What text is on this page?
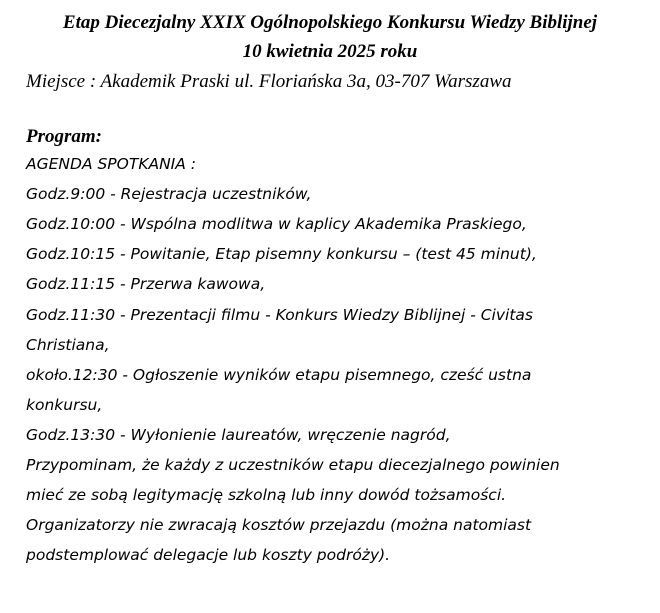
Etap Diecezjalny XXIX Ogólnopolskiego Konkursu Wiedzy Biblijnej
10 kwietnia 2025 roku
Miejsce : Akademik Praski ul. Floriańska 3a, 03-707 Warszawa
Program:
AGENDA SPOTKANIA :
Godz.9:00 - Rejestracja uczestników,
Godz.10:00 - Wspólna modlitwa w kaplicy Akademika Praskiego,
Godz.10:15 - Powitanie, Etap pisemny konkursu – (test 45 minut),
Godz.11:15 - Przerwa kawowa,
Godz.11:30 - Prezentacji filmu - Konkurs Wiedzy Biblijnej - Civitas
Christiana,
około.12:30 - Ogłoszenie wyników etapu pisemnego, cześć ustna
konkursu,
Godz.13:30 - Wyłonienie laureatów, wręczenie nagród,
Przypominam, że każdy z uczestników etapu diecezjalnego powinien
mieć ze sobą legitymację szkolną lub inny dowód tożsamości.
Organizatorzy nie zwracają kosztów przejazdu (można natomiast
podstemplować delegacje lub koszty podróży).
